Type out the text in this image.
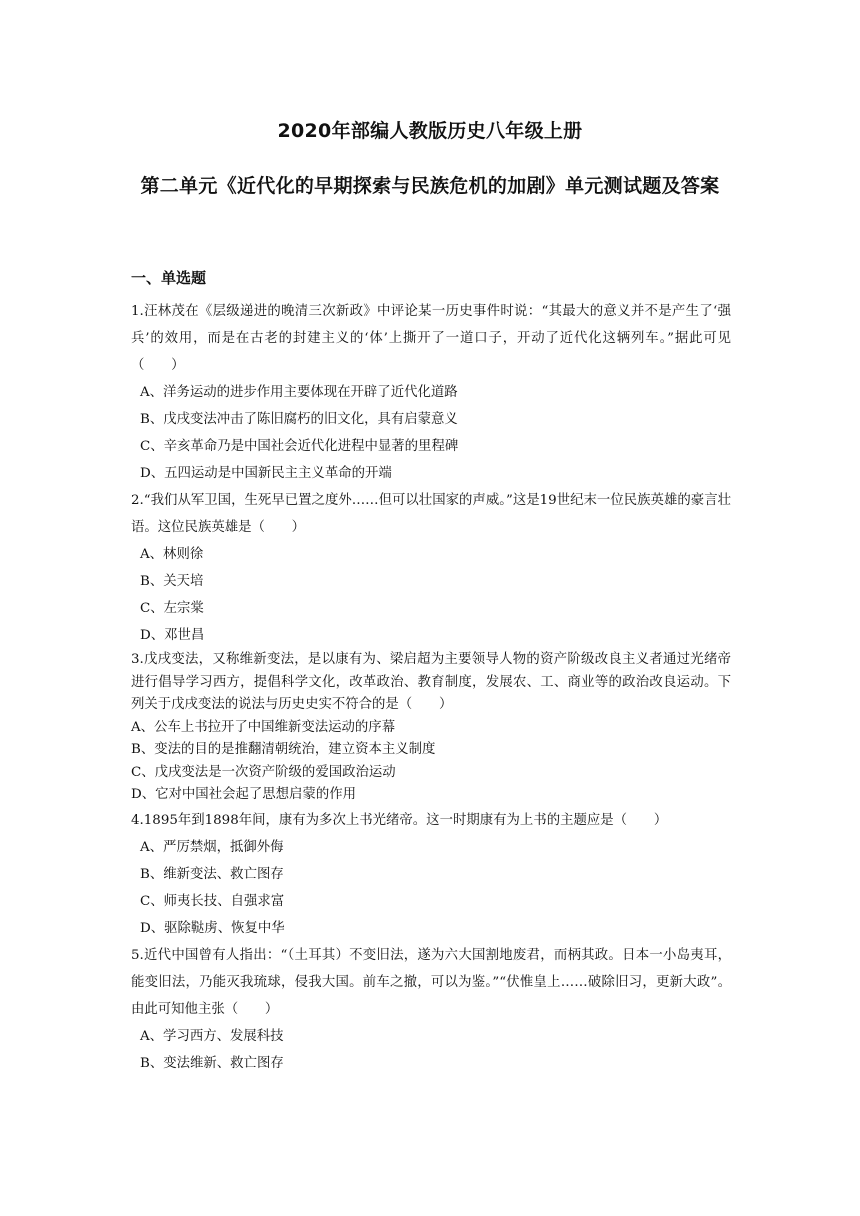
2020年部编人教版历史八年级上册
第二单元《近代化的早期探索与民族危机的加剧》单元测试题及答案
一、单选题

1.汪林茂在《层级递进的晚清三次新政》中评论某一历史事件时说：“其最大的意义并不是产生了‘强兵’的效用，而是在古老的封建主义的‘体’上撕开了一道口子，开动了近代化这辆列车。”据此可见（　　）

A、洋务运动的进步作用主要体现在开辟了近代化道路

B、戊戌变法冲击了陈旧腐朽的旧文化，具有启蒙意义

C、辛亥革命乃是中国社会近代化进程中显著的里程碑

D、五四运动是中国新民主主义革命的开端

2.“我们从军卫国，生死早已置之度外……但可以壮国家的声威。”这是19世纪末一位民族英雄的豪言壮语。这位民族英雄是（　　）

A、林则徐

B、关天培

C、左宗棠

D、邓世昌

3.戊戌变法，又称维新变法，是以康有为、梁启超为主要领导人物的资产阶级改良主义者通过光绪帝进行倡导学习西方，提倡科学文化，改革政治、教育制度，发展农、工、商业等的政治改良运动。下列关于戊戌变法的说法与历史史实不符合的是（　　）

A、公车上书拉开了中国维新变法运动的序幕

B、变法的目的是推翻清朝统治，建立资本主义制度

C、戊戌变法是一次资产阶级的爱国政治运动

D、它对中国社会起了思想启蒙的作用

4.1895年到1898年间，康有为多次上书光绪帝。这一时期康有为上书的主题应是（　　）

A、严厉禁烟，抵御外侮

B、维新变法、救亡图存

C、师夷长技、自强求富

D、驱除鞑虏、恢复中华

5.近代中国曾有人指出：“（土耳其）不变旧法，遂为六大国割地废君，而柄其政。日本一小岛夷耳，能变旧法，乃能灭我琉球，侵我大国。前车之撤，可以为鉴。”“伏惟皇上……破除旧习，更新大政”。由此可知他主张（　　）

A、学习西方、发展科技

B、变法维新、救亡图存
